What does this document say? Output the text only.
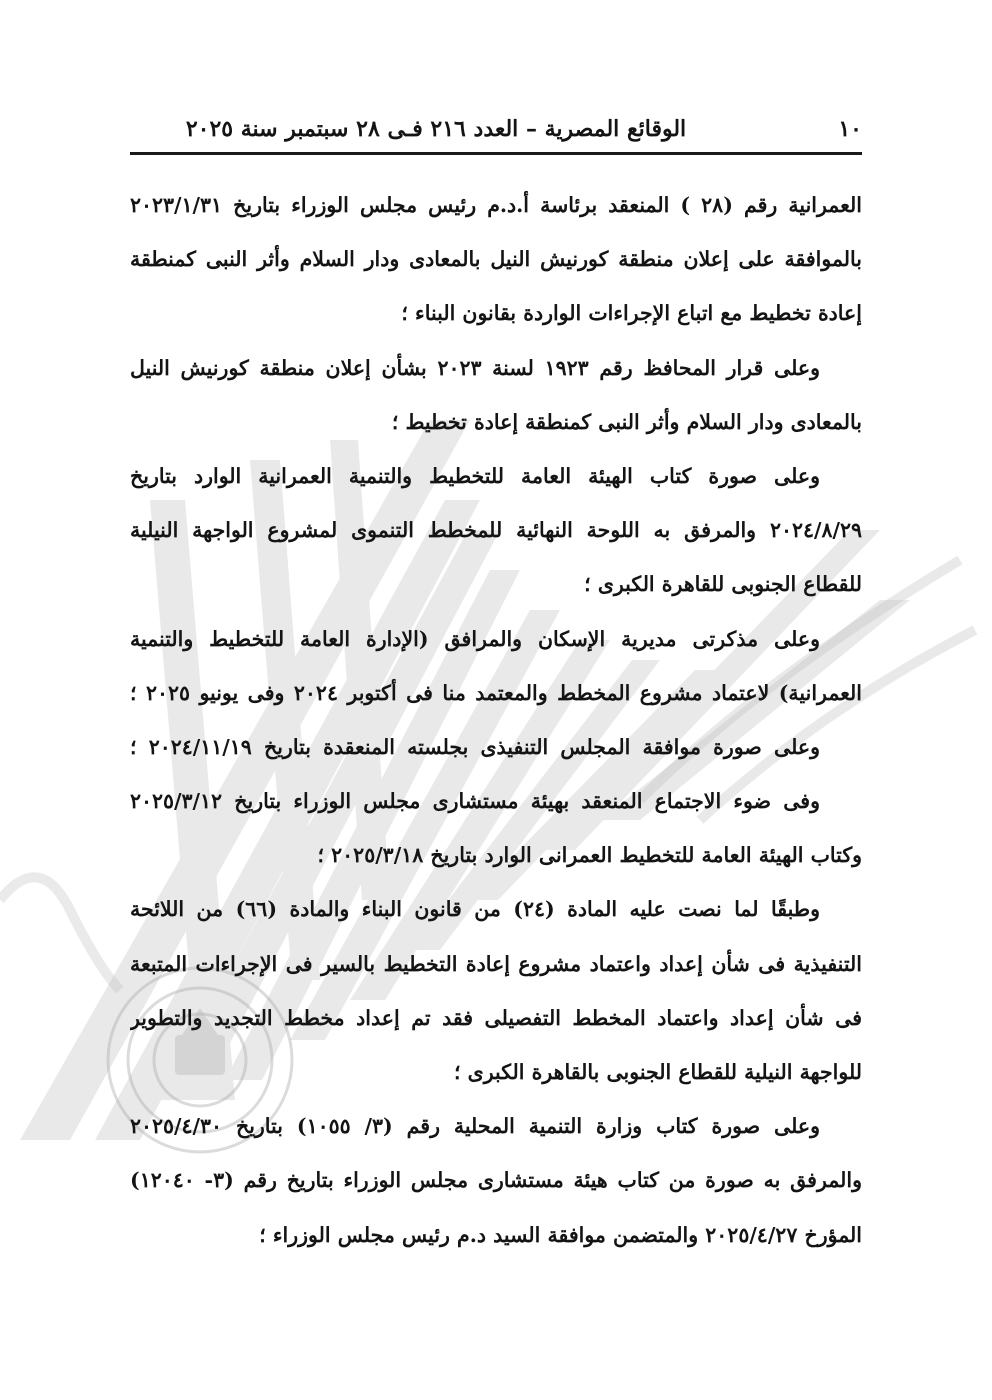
١٠
الوقائع المصرية – العدد ٢١٦ فـى ٢٨ سبتمبر سنة ٢٠٢٥
العمرانية رقم (٢٨ ) المنعقد برئاسة أ.د.م رئيس مجلس الوزراء بتاريخ ٢٠٢٣/١/٣١
بالموافقة على إعلان منطقة كورنيش النيل بالمعادى ودار السلام وأثر النبى كمنطقة
إعادة تخطيط مع اتباع الإجراءات الواردة بقانون البناء ؛
وعلى قرار المحافظ رقم ١٩٢٣ لسنة ٢٠٢٣ بشأن إعلان منطقة كورنيش النيل
بالمعادى ودار السلام وأثر النبى كمنطقة إعادة تخطيط ؛
وعلى صورة كتاب الهيئة العامة للتخطيط والتنمية العمرانية الوارد بتاريخ
٢٠٢٤/٨/٢٩ والمرفق به اللوحة النهائية للمخطط التنموى لمشروع الواجهة النيلية
للقطاع الجنوبى للقاهرة الكبرى ؛
وعلى مذكرتى مديرية الإسكان والمرافق (الإدارة العامة للتخطيط والتنمية
العمرانية) لاعتماد مشروع المخطط والمعتمد منا فى أكتوبر ٢٠٢٤ وفى يونيو ٢٠٢٥ ؛
وعلى صورة موافقة المجلس التنفيذى بجلسته المنعقدة بتاريخ ٢٠٢٤/١١/١٩ ؛
وفى ضوء الاجتماع المنعقد بهيئة مستشارى مجلس الوزراء بتاريخ ٢٠٢٥/٣/١٢
وكتاب الهيئة العامة للتخطيط العمرانى الوارد بتاريخ ٢٠٢٥/٣/١٨ ؛
وطبقًا لما نصت عليه المادة (٢٤) من قانون البناء والمادة (٦٦) من اللائحة
التنفيذية فى شأن إعداد واعتماد مشروع إعادة التخطيط بالسير فى الإجراءات المتبعة
فى شأن إعداد واعتماد المخطط التفصيلى فقد تم إعداد مخطط التجديد والتطوير
للواجهة النيلية للقطاع الجنوبى بالقاهرة الكبرى ؛
وعلى صورة كتاب وزارة التنمية المحلية رقم (٣/ ١٠٥٥) بتاريخ ٢٠٢٥/٤/٣٠
والمرفق به صورة من كتاب هيئة مستشارى مجلس الوزراء بتاريخ رقم (٣- ١٢٠٤٠)
المؤرخ ٢٠٢٥/٤/٢٧ والمتضمن موافقة السيد د.م رئيس مجلس الوزراء ؛
